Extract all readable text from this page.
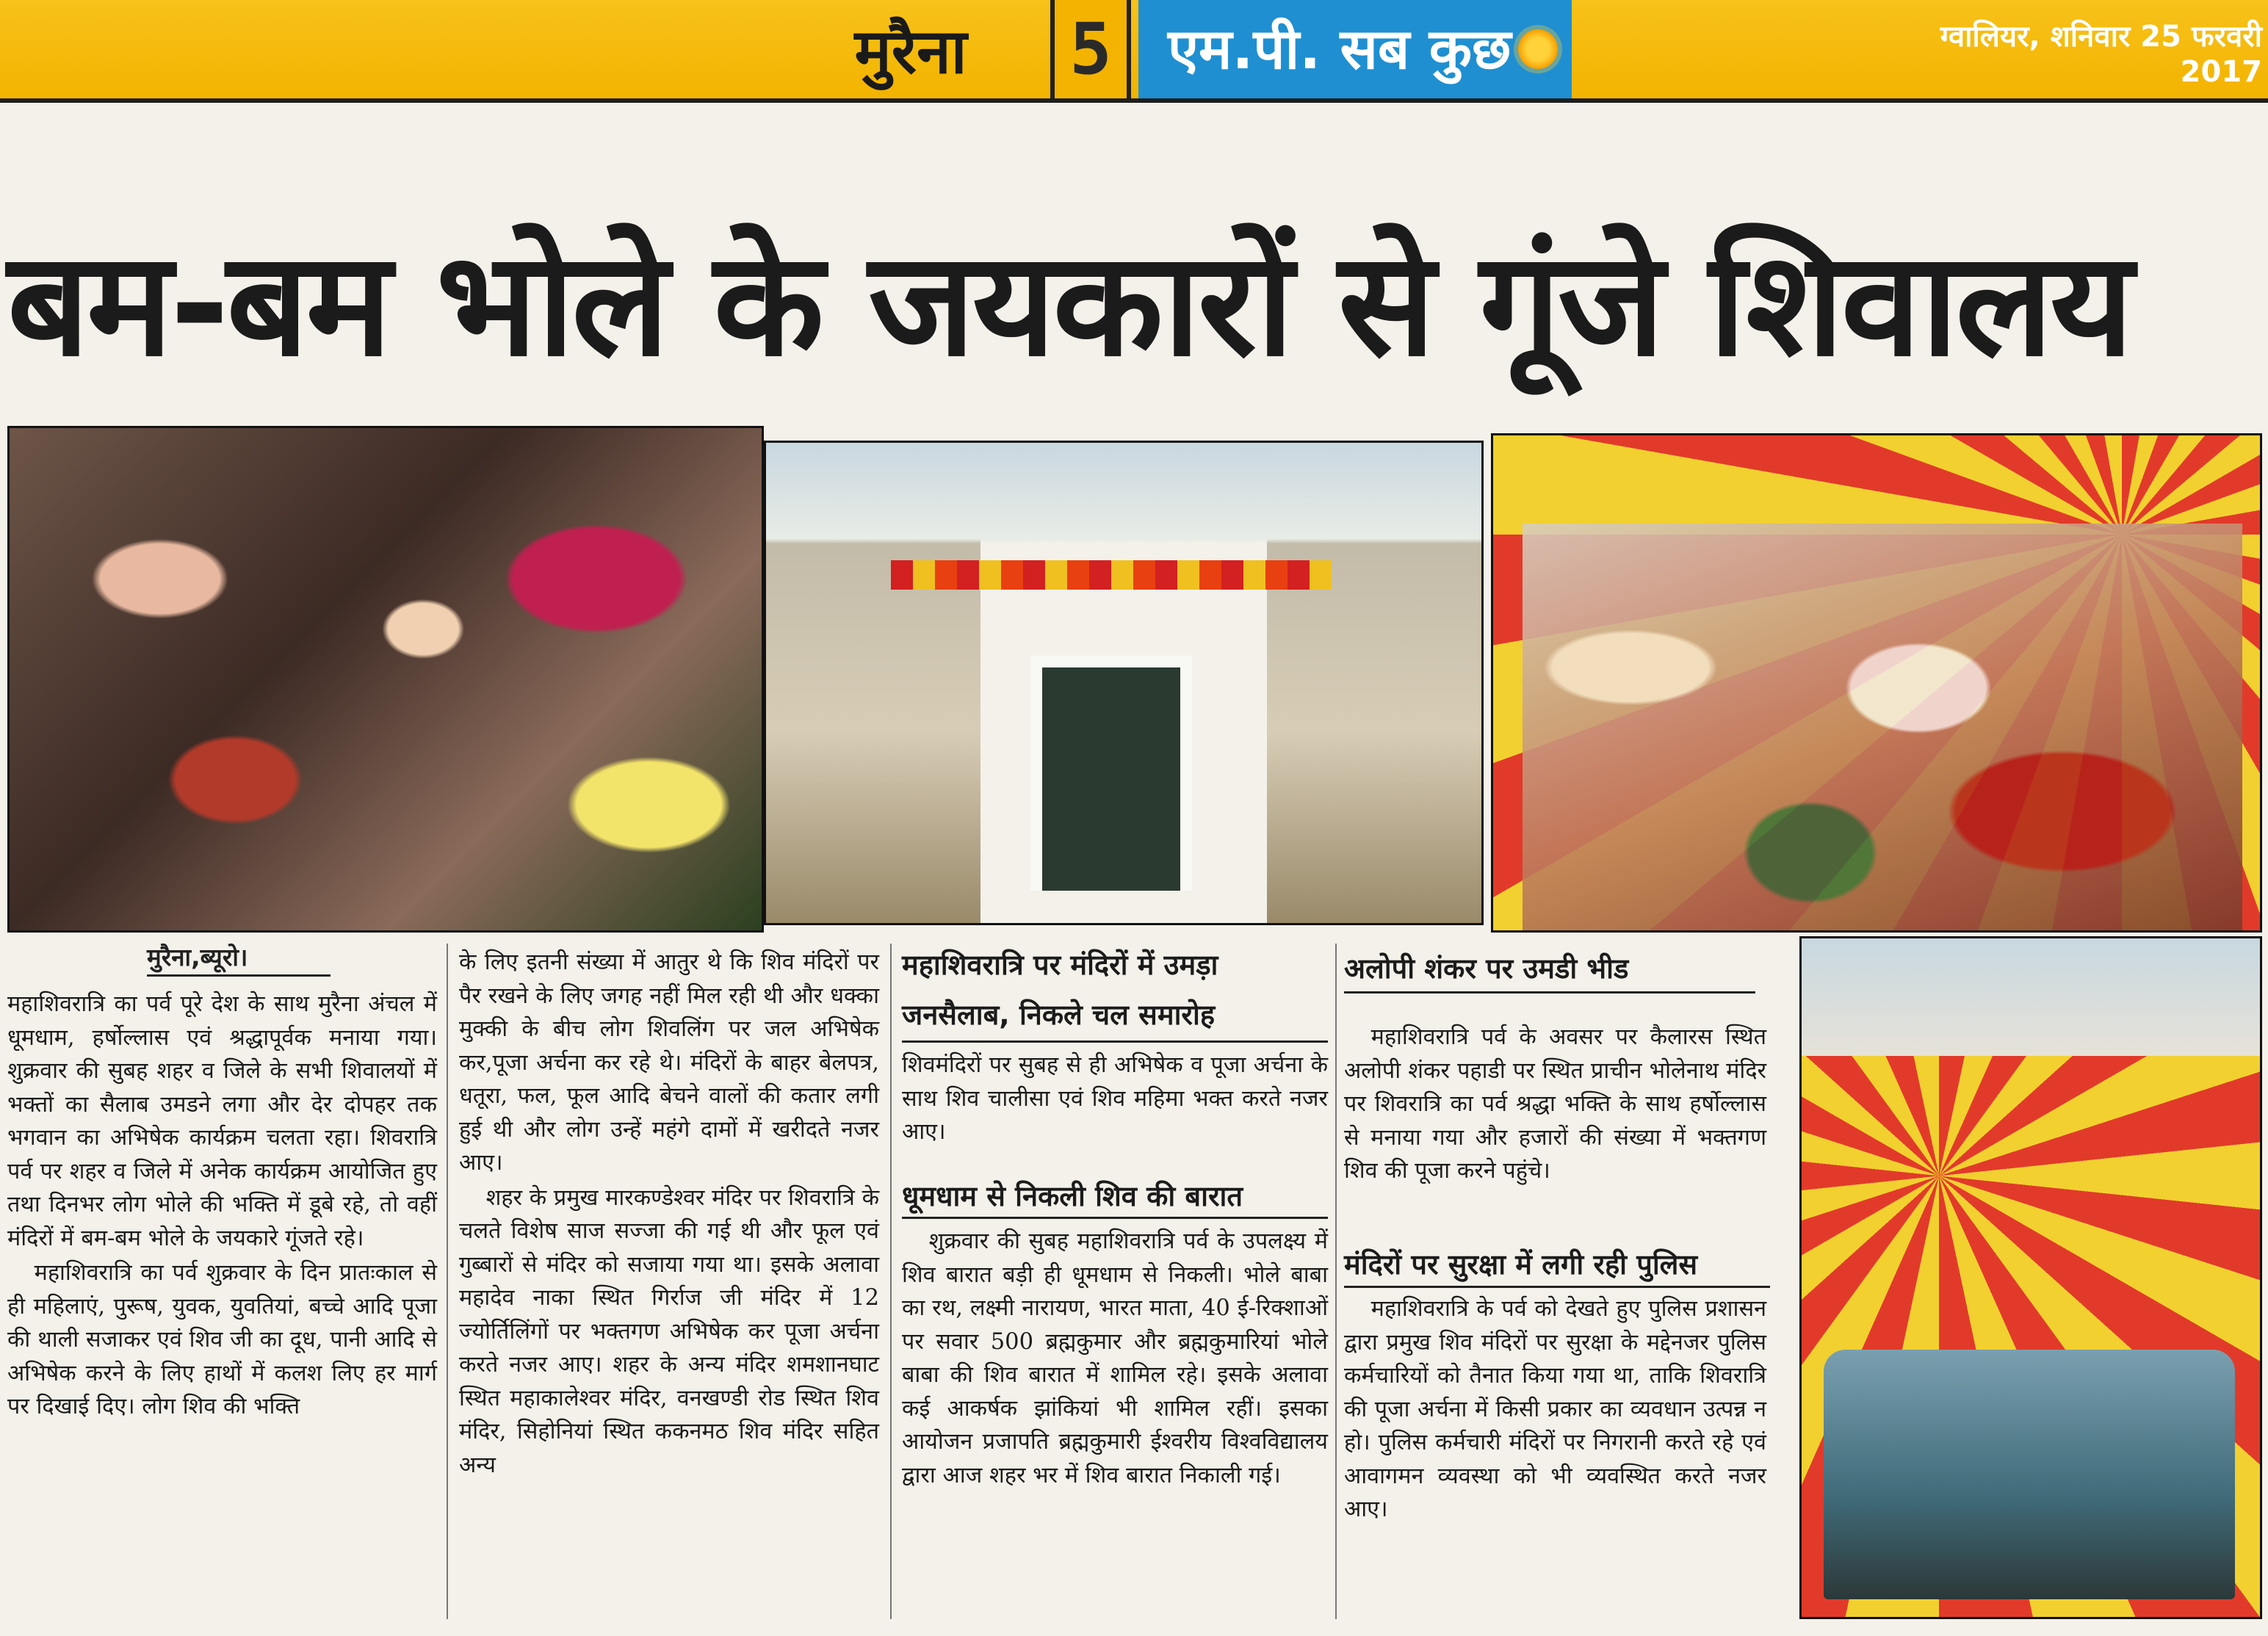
मुरैना	5	एम.पी. सब कुछ	ग्वालियर, शनिवार 25 फरवरी 2017
बम-बम भोले के जयकारों से गूंजे शिवालय
मुरैना,ब्यूरो।

महाशिवरात्रि का पर्व पूरे देश के साथ मुरैना अंचल में धूमधाम, हर्षोल्लास एवं श्रद्धापूर्वक मनाया गया। शुक्रवार की सुबह शहर व जिले के सभी शिवालयों में भक्तों का सैलाब उमडने लगा और देर दोपहर तक भगवान का अभिषेक कार्यक्रम चलता रहा। शिवरात्रि पर्व पर शहर व जिले में अनेक कार्यक्रम आयोजित हुए तथा दिनभर लोग भोले की भक्ति में डूबे रहे, तो वहीं मंदिरों में बम-बम भोले के जयकारे गूंजते रहे।

महाशिवरात्रि का पर्व शुक्रवार के दिन प्रातःकाल से ही महिलाएं, पुरूष, युवक, युवतियां, बच्चे आदि पूजा की थाली सजाकर एवं शिव जी का दूध, पानी आदि से अभिषेक करने के लिए हाथों में कलश लिए हर मार्ग पर दिखाई दिए। लोग शिव की भक्ति

के लिए इतनी संख्या में आतुर थे कि शिव मंदिरों पर पैर रखने के लिए जगह नहीं मिल रही थी और धक्का मुक्की के बीच लोग शिवलिंग पर जल अभिषेक कर,पूजा अर्चना कर रहे थे। मंदिरों के बाहर बेलपत्र, धतूरा, फल, फूल आदि बेचने वालों की कतार लगी हुई थी और लोग उन्हें महंगे दामों में खरीदते नजर आए।

शहर के प्रमुख मारकण्डेश्वर मंदिर पर शिवरात्रि के चलते विशेष साज सज्जा की गई थी और फूल एवं गुब्बारों से मंदिर को सजाया गया था। इसके अलावा महादेव नाका स्थित गिर्राज जी मंदिर में 12 ज्योर्तिलिंगों पर भक्तगण अभिषेक कर पूजा अर्चना करते नजर आए। शहर के अन्य मंदिर शमशानघाट स्थित महाकालेश्वर मंदिर, वनखण्डी रोड स्थित शिव मंदिर, सिहोनियां स्थित ककनमठ शिव मंदिर सहित अन्य

महाशिवरात्रि पर मंदिरों में उमड़ा जनसैलाब, निकले चल समारोह

शिवमंदिरों पर सुबह से ही अभिषेक व पूजा अर्चना के साथ शिव चालीसा एवं शिव महिमा भक्त करते नजर आए।

धूमधाम से निकली शिव की बारात

शुक्रवार की सुबह महाशिवरात्रि पर्व के उपलक्ष्य में शिव बारात बड़ी ही धूमधाम से निकली। भोले बाबा का रथ, लक्ष्मी नारायण, भारत माता, 40 ई-रिक्शाओं पर सवार 500 ब्रह्मकुमार और ब्रह्मकुमारियां भोले बाबा की शिव बारात में शामिल रहे। इसके अलावा कई आकर्षक झांकियां भी शामिल रहीं। इसका आयोजन प्रजापति ब्रह्मकुमारी ईश्वरीय विश्वविद्यालय द्वारा आज शहर भर में शिव बारात निकाली गई।

अलोपी शंकर पर उमडी भीड

महाशिवरात्रि पर्व के अवसर पर कैलारस स्थित अलोपी शंकर पहाडी पर स्थित प्राचीन भोलेनाथ मंदिर पर शिवरात्रि का पर्व श्रद्धा भक्ति के साथ हर्षोल्लास से मनाया गया और हजारों की संख्या में भक्तगण शिव की पूजा करने पहुंचे।

मंदिरों पर सुरक्षा में लगी रही पुलिस

महाशिवरात्रि के पर्व को देखते हुए पुलिस प्रशासन द्वारा प्रमुख शिव मंदिरों पर सुरक्षा के मद्देनजर पुलिस कर्मचारियों को तैनात किया गया था, ताकि शिवरात्रि की पूजा अर्चना में किसी प्रकार का व्यवधान उत्पन्न न हो। पुलिस कर्मचारी मंदिरों पर निगरानी करते रहे एवं आवागमन व्यवस्था को भी व्यवस्थित करते नजर आए।
